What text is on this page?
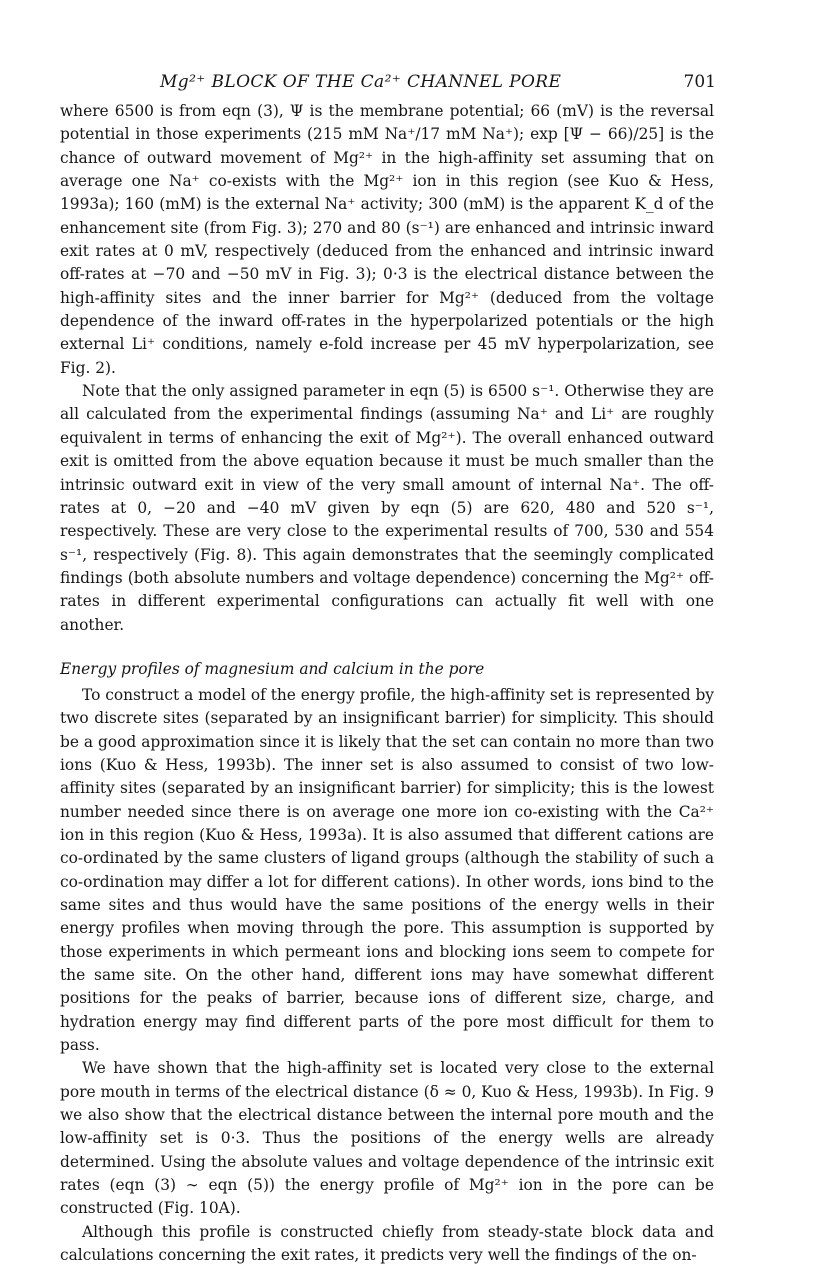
Mg²⁺ BLOCK OF THE Ca²⁺ CHANNEL PORE	701

where 6500 is from eqn (3), Ψ is the membrane potential; 66 (mV) is the reversal potential in those experiments (215 mM Na⁺/17 mM Na⁺); exp [Ψ − 66)/25] is the chance of outward movement of Mg²⁺ in the high-affinity set assuming that on average one Na⁺ co-exists with the Mg²⁺ ion in this region (see Kuo & Hess, 1993a); 160 (mM) is the external Na⁺ activity; 300 (mM) is the apparent K_d of the enhancement site (from Fig. 3); 270 and 80 (s⁻¹) are enhanced and intrinsic inward exit rates at 0 mV, respectively (deduced from the enhanced and intrinsic inward off-rates at −70 and −50 mV in Fig. 3); 0·3 is the electrical distance between the high-affinity sites and the inner barrier for Mg²⁺ (deduced from the voltage dependence of the inward off-rates in the hyperpolarized potentials or the high external Li⁺ conditions, namely e-fold increase per 45 mV hyperpolarization, see Fig. 2).

Note that the only assigned parameter in eqn (5) is 6500 s⁻¹. Otherwise they are all calculated from the experimental findings (assuming Na⁺ and Li⁺ are roughly equivalent in terms of enhancing the exit of Mg²⁺). The overall enhanced outward exit is omitted from the above equation because it must be much smaller than the intrinsic outward exit in view of the very small amount of internal Na⁺. The off-rates at 0, −20 and −40 mV given by eqn (5) are 620, 480 and 520 s⁻¹, respectively. These are very close to the experimental results of 700, 530 and 554 s⁻¹, respectively (Fig. 8). This again demonstrates that the seemingly complicated findings (both absolute numbers and voltage dependence) concerning the Mg²⁺ off-rates in different experimental configurations can actually fit well with one another.

Energy profiles of magnesium and calcium in the pore

To construct a model of the energy profile, the high-affinity set is represented by two discrete sites (separated by an insignificant barrier) for simplicity. This should be a good approximation since it is likely that the set can contain no more than two ions (Kuo & Hess, 1993b). The inner set is also assumed to consist of two low-affinity sites (separated by an insignificant barrier) for simplicity; this is the lowest number needed since there is on average one more ion co-existing with the Ca²⁺ ion in this region (Kuo & Hess, 1993a). It is also assumed that different cations are co-ordinated by the same clusters of ligand groups (although the stability of such a co-ordination may differ a lot for different cations). In other words, ions bind to the same sites and thus would have the same positions of the energy wells in their energy profiles when moving through the pore. This assumption is supported by those experiments in which permeant ions and blocking ions seem to compete for the same site. On the other hand, different ions may have somewhat different positions for the peaks of barrier, because ions of different size, charge, and hydration energy may find different parts of the pore most difficult for them to pass.

We have shown that the high-affinity set is located very close to the external pore mouth in terms of the electrical distance (δ ≈ 0, Kuo & Hess, 1993b). In Fig. 9 we also show that the electrical distance between the internal pore mouth and the low-affinity set is 0·3. Thus the positions of the energy wells are already determined. Using the absolute values and voltage dependence of the intrinsic exit rates (eqn (3) ∼ eqn (5)) the energy profile of Mg²⁺ ion in the pore can be constructed (Fig. 10A).

Although this profile is constructed chiefly from steady-state block data and calculations concerning the exit rates, it predicts very well the findings of the on-
